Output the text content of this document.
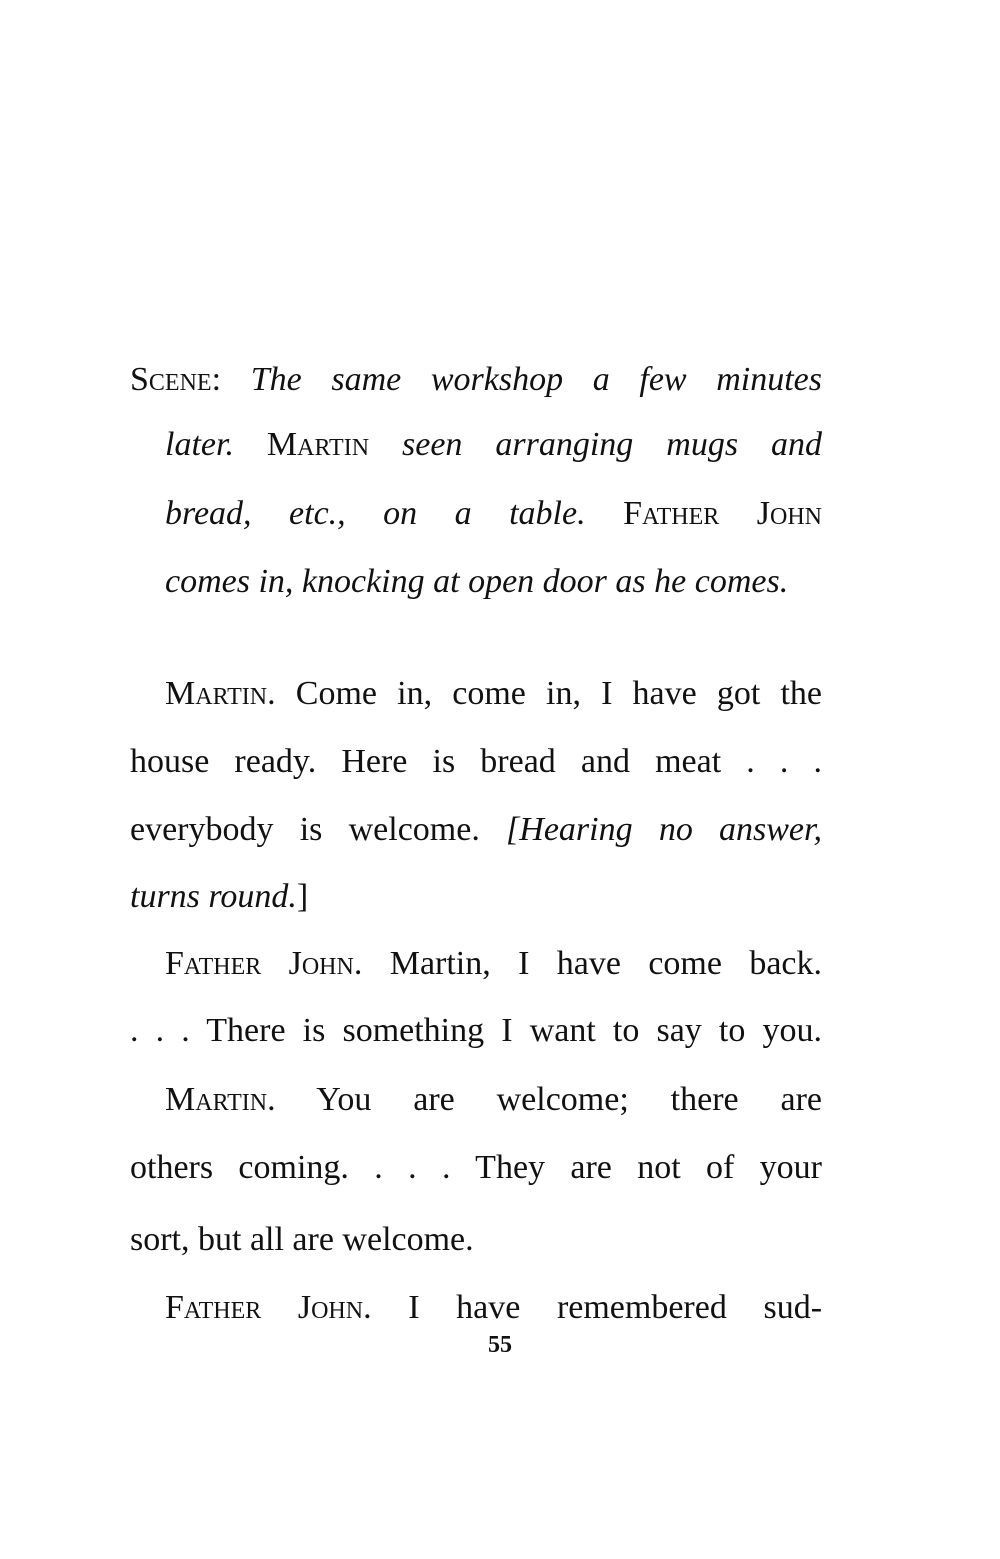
Scene: The same workshop a few minutes
later. Martin seen arranging mugs and
bread, etc., on a table. Father John
comes in, knocking at open door as he comes.
Martin. Come in, come in, I have got the
house ready. Here is bread and meat . . .
everybody is welcome. [Hearing no answer,
turns round.]
Father John. Martin, I have come back.
. . . There is something I want to say to you.
Martin. You are welcome; there are
others coming. . . . They are not of your
sort, but all are welcome.
Father John. I have remembered sud-
55
